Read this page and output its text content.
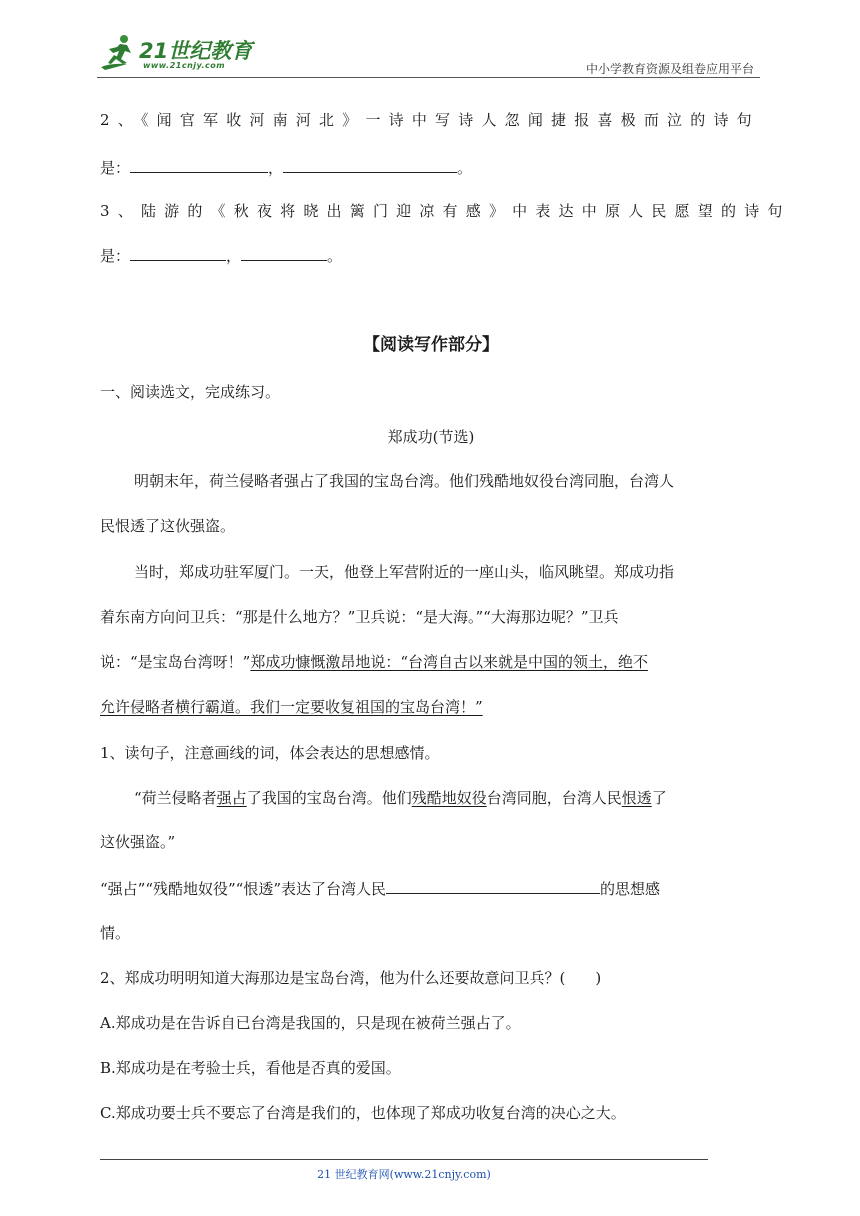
21世纪教育
www.21cnjy.com	中小学教育资源及组卷应用平台
2、《闻官军收河南河北》一诗中写诗人忽闻捷报喜极而泣的诗句
是：	，	。
3、陆游的《秋夜将晓出篱门迎凉有感》中表达中原人民愿望的诗句
是：	，	。
【阅读写作部分】
一、阅读选文，完成练习。
郑成功(节选)
明朝末年，荷兰侵略者强占了我国的宝岛台湾。他们残酷地奴役台湾同胞，台湾人
民恨透了这伙强盗。
当时，郑成功驻军厦门。一天，他登上军营附近的一座山头，临风眺望。郑成功指
着东南方向问卫兵：“那是什么地方？”卫兵说：“是大海。”“大海那边呢？”卫兵
说：“是宝岛台湾呀！”郑成功慷慨激昂地说：“台湾自古以来就是中国的领土，绝不
允许侵略者横行霸道。我们一定要收复祖国的宝岛台湾！”
1、读句子，注意画线的词，体会表达的思想感情。
“荷兰侵略者强占了我国的宝岛台湾。他们残酷地奴役台湾同胞，台湾人民恨透了
这伙强盗。”
“强占”“残酷地奴役”“恨透”表达了台湾人民	的思想感
情。
2、郑成功明明知道大海那边是宝岛台湾，他为什么还要故意问卫兵？(　　)
A.郑成功是在告诉自已台湾是我国的，只是现在被荷兰强占了。
B.郑成功是在考验士兵，看他是否真的爱国。
C.郑成功要士兵不要忘了台湾是我们的，也体现了郑成功收复台湾的决心之大。
21 世纪教育网(www.21cnjy.com)
